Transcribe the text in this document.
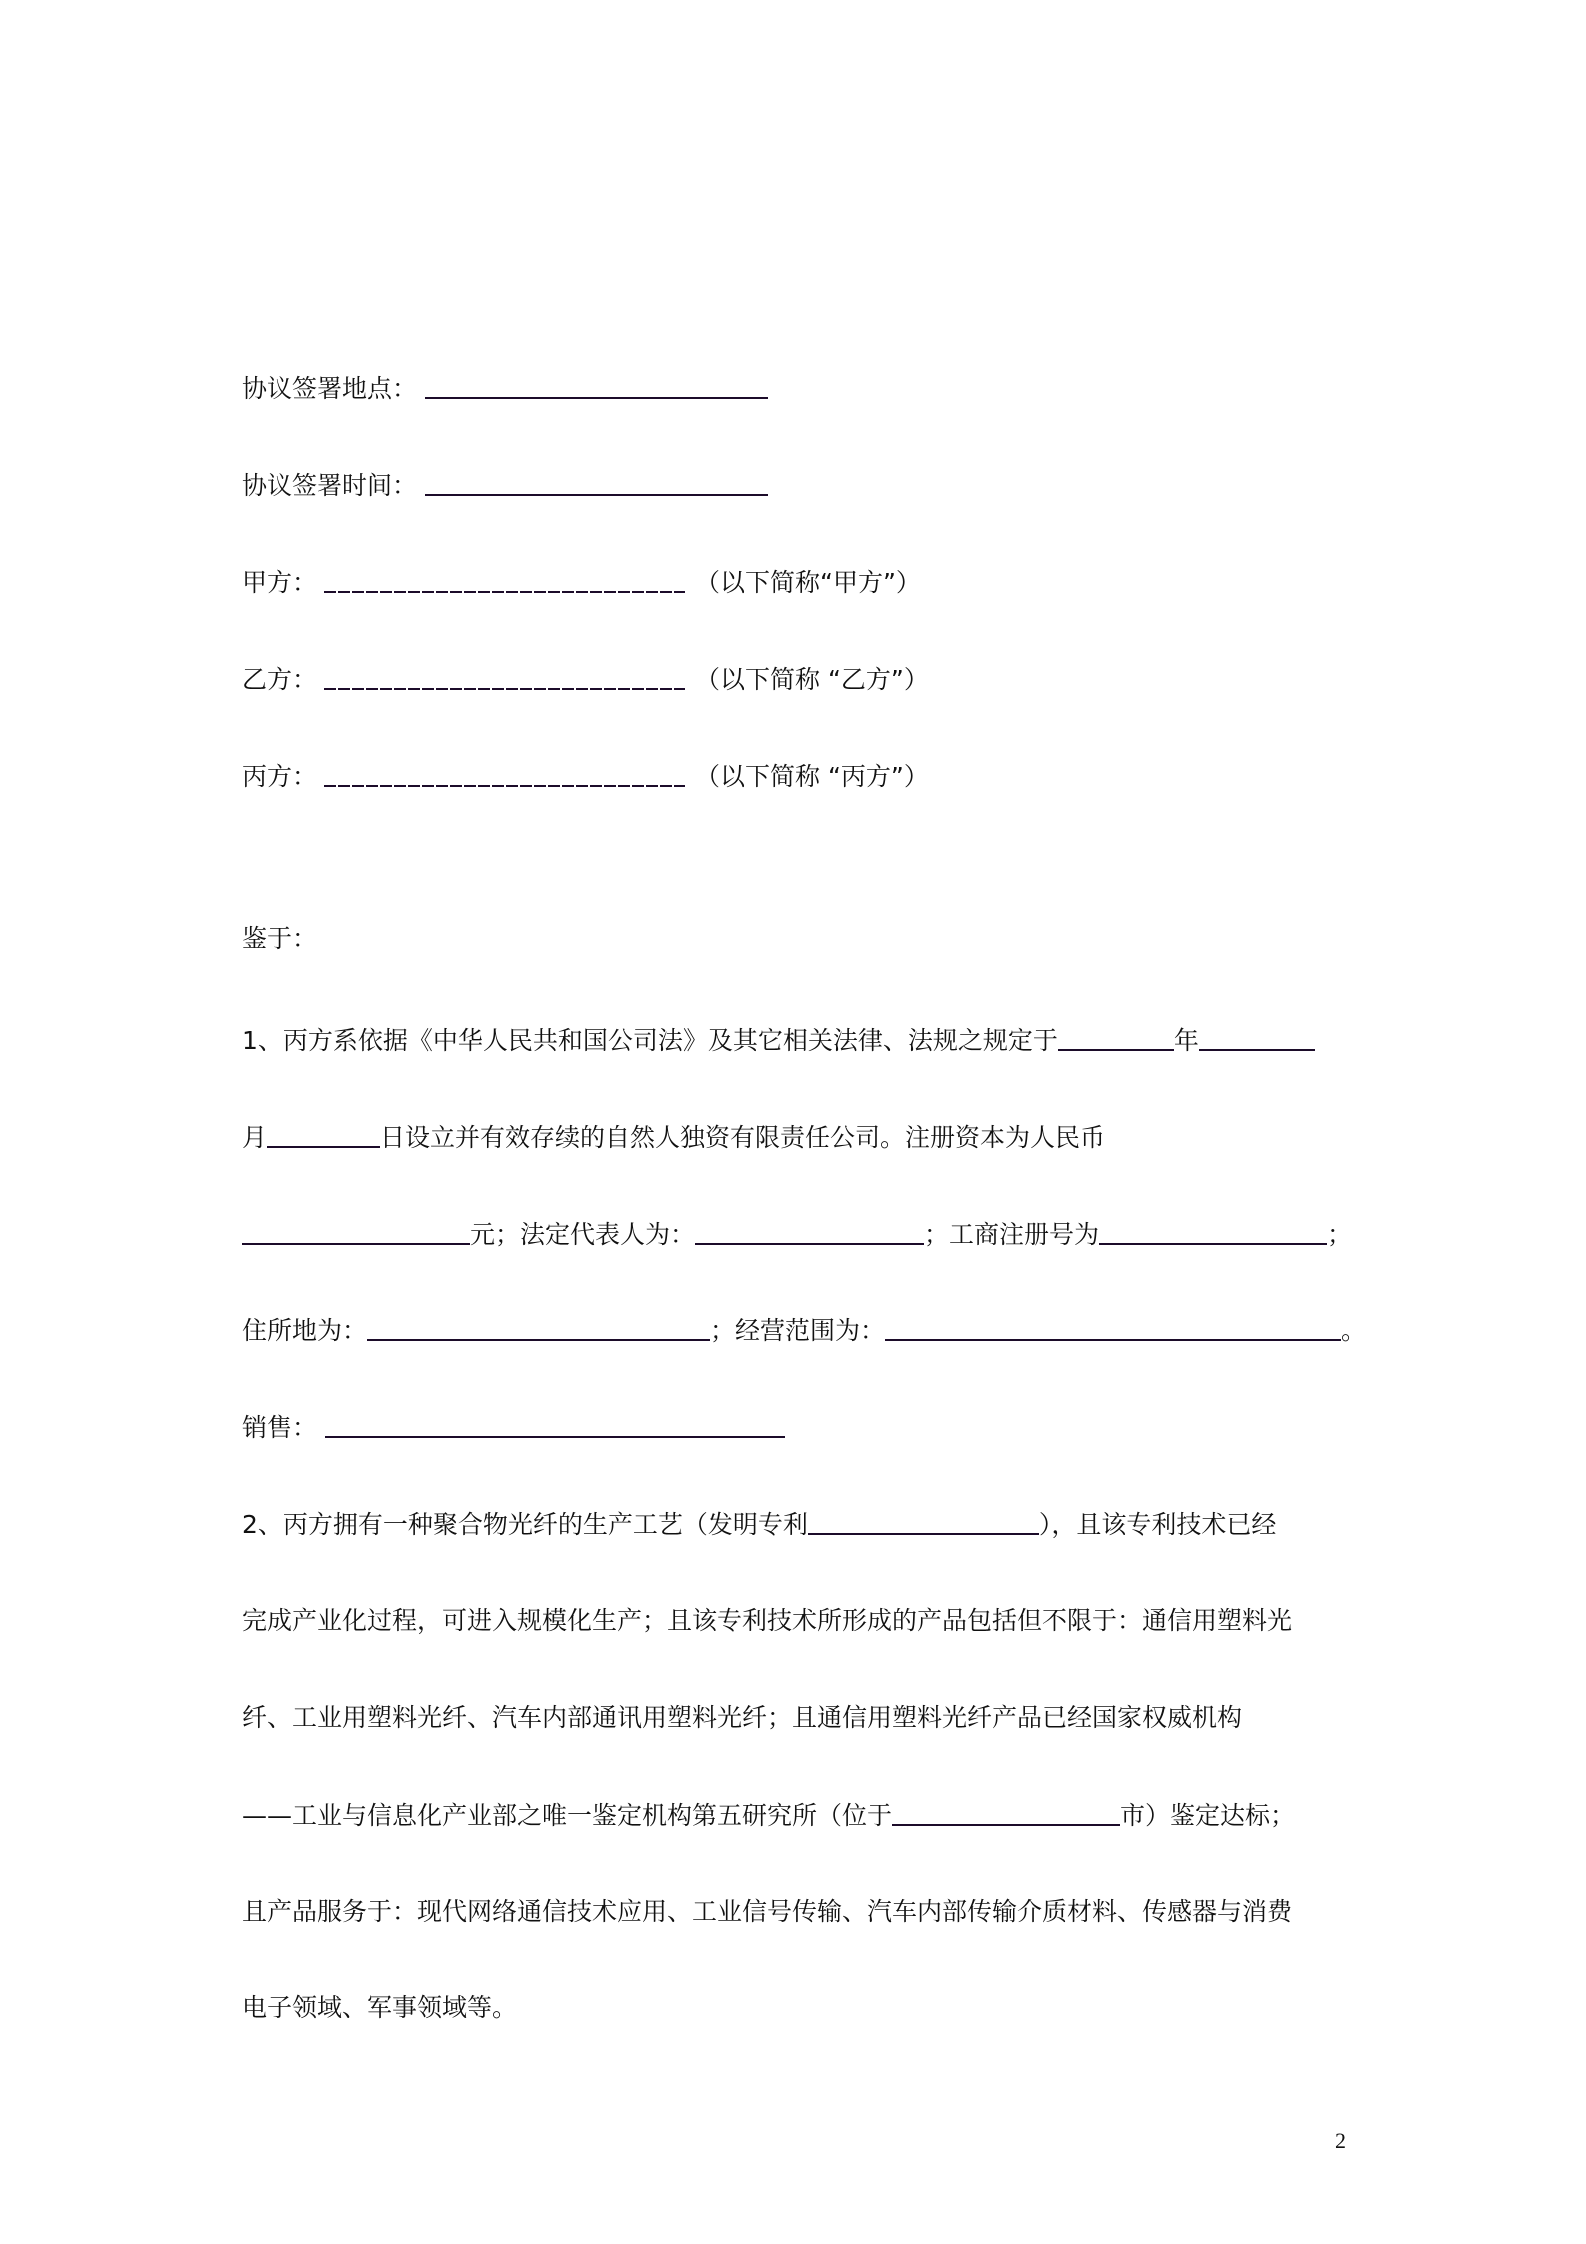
协议签署地点：
协议签署时间：
甲方：	（以下简称“甲方”）
乙方：	（以下简称 “乙方”）
丙方：	（以下简称 “丙方”）
鉴于：
1、丙方系依据《中华人民共和国公司法》及其它相关法律、法规之规定于	年
月	日设立并有效存续的自然人独资有限责任公司。注册资本为人民币
元；法定代表人为：	；工商注册号为	；
住所地为：	；经营范围为：	。
销售：
2、丙方拥有一种聚合物光纤的生产工艺（发明专利	），且该专利技术已经
完成产业化过程，可进入规模化生产；且该专利技术所形成的产品包括但不限于：通信用塑料光
纤、工业用塑料光纤、汽车内部通讯用塑料光纤；且通信用塑料光纤产品已经国家权威机构
——工业与信息化产业部之唯一鉴定机构第五研究所（位于	市）鉴定达标；
且产品服务于：现代网络通信技术应用、工业信号传输、汽车内部传输介质材料、传感器与消费
电子领域、军事领域等。
2
